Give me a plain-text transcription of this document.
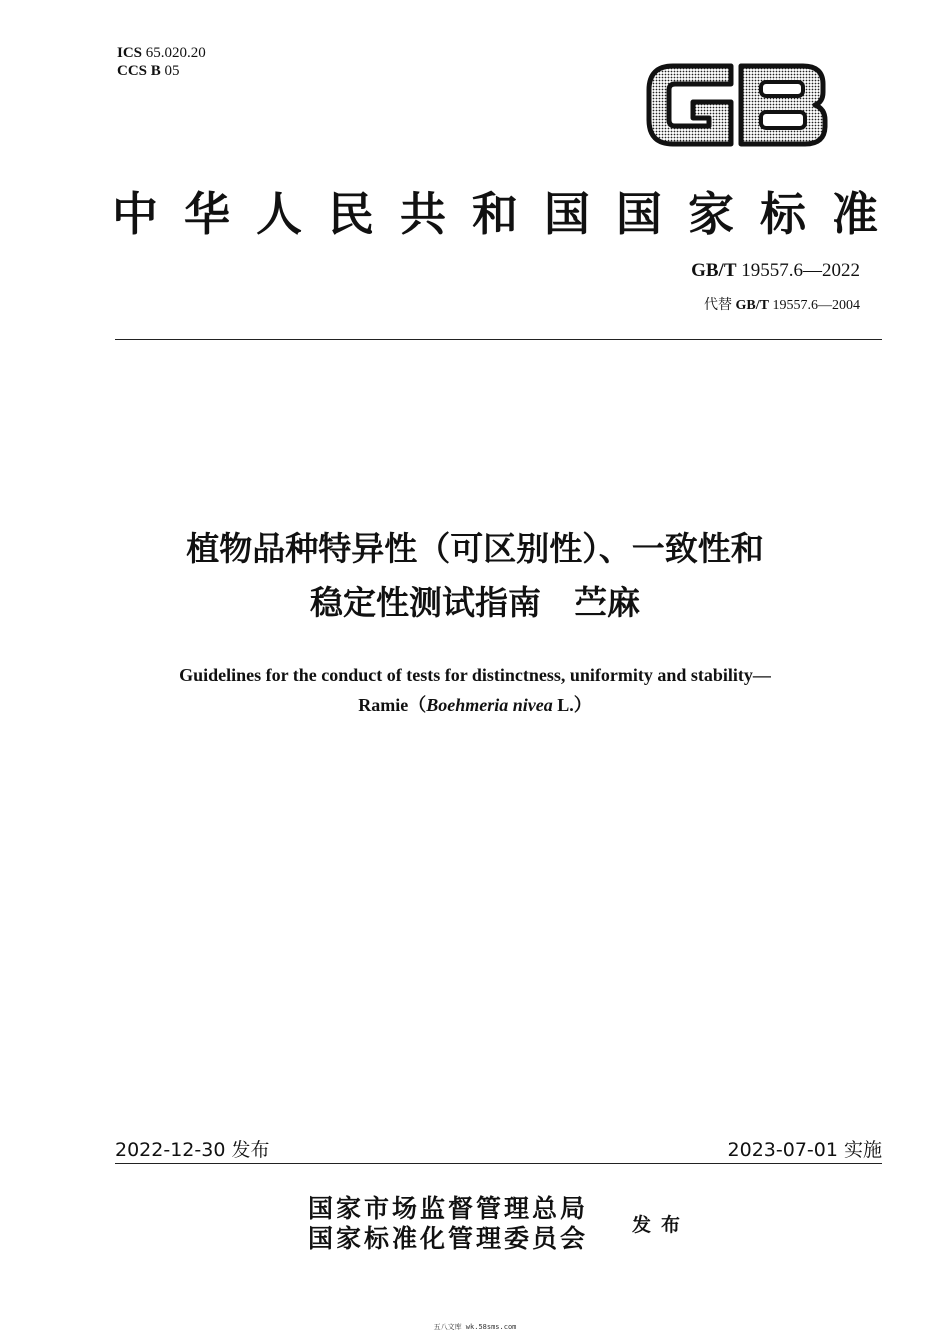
ICS 65.020.20
CCS B 05
中华人民共和国国家标准
GB/T 19557.6—2022
代替 GB/T 19557.6—2004
植物品种特异性（可区别性）、一致性和
稳定性测试指南　苎麻
Guidelines for the conduct of tests for distinctness, uniformity and stability—
Ramie（Boehmeria nivea L.）
2022-12-30 发布	2023-07-01 实施
国家市场监督管理总局
国家标准化管理委员会 发布
五八文库 wk.58sms.com
